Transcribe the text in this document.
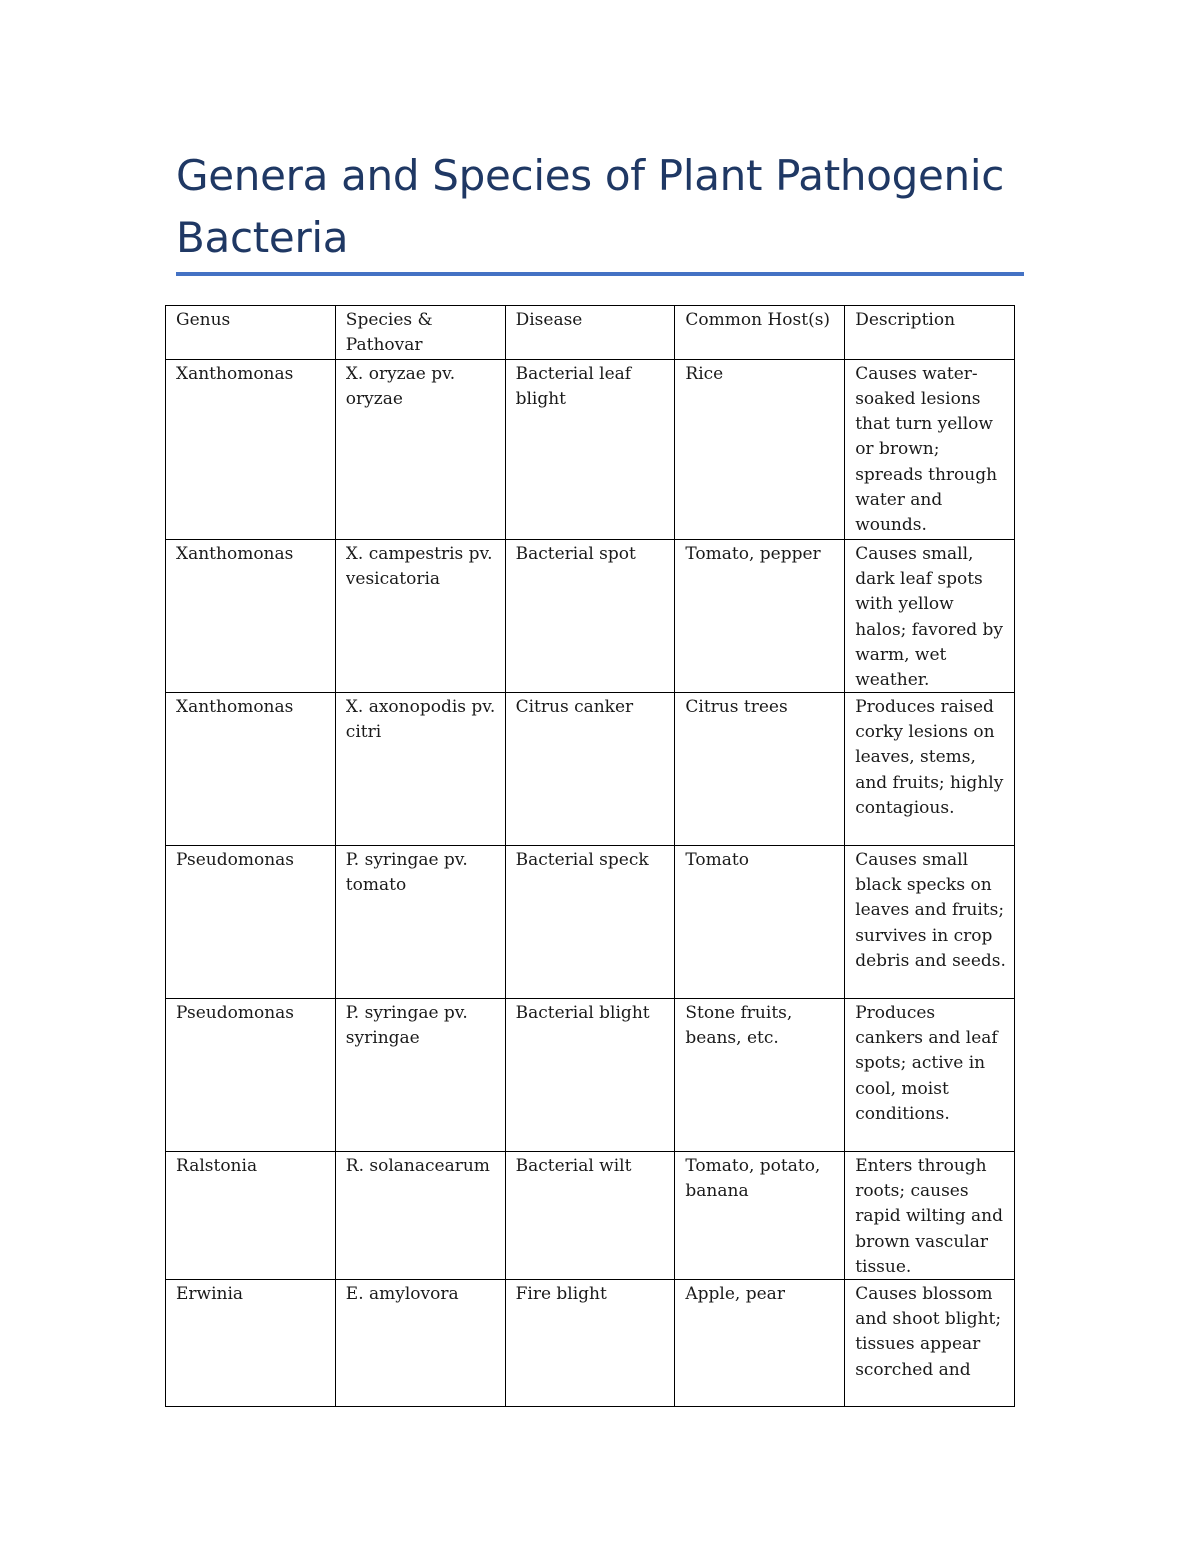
Genera and Species of Plant Pathogenic Bacteria
Genus	Species & Pathovar	Disease	Common Host(s)	Description

Xanthomonas	X. oryzae pv. oryzae	Bacterial leaf blight	Rice	Causes water-soaked lesions that turn yellow or brown; spreads through water and wounds.

Xanthomonas	X. campestris pv. vesicatoria	Bacterial spot	Tomato, pepper	Causes small, dark leaf spots with yellow halos; favored by warm, wet weather.

Xanthomonas	X. axonopodis pv. citri	Citrus canker	Citrus trees	Produces raised corky lesions on leaves, stems, and fruits; highly contagious.

Pseudomonas	P. syringae pv. tomato	Bacterial speck	Tomato	Causes small black specks on leaves and fruits; survives in crop debris and seeds.

Pseudomonas	P. syringae pv. syringae	Bacterial blight	Stone fruits, beans, etc.	Produces cankers and leaf spots; active in cool, moist conditions.

Ralstonia	R. solanacearum	Bacterial wilt	Tomato, potato, banana	Enters through roots; causes rapid wilting and brown vascular tissue.

Erwinia	E. amylovora	Fire blight	Apple, pear	Causes blossom and shoot blight; tissues appear scorched and
